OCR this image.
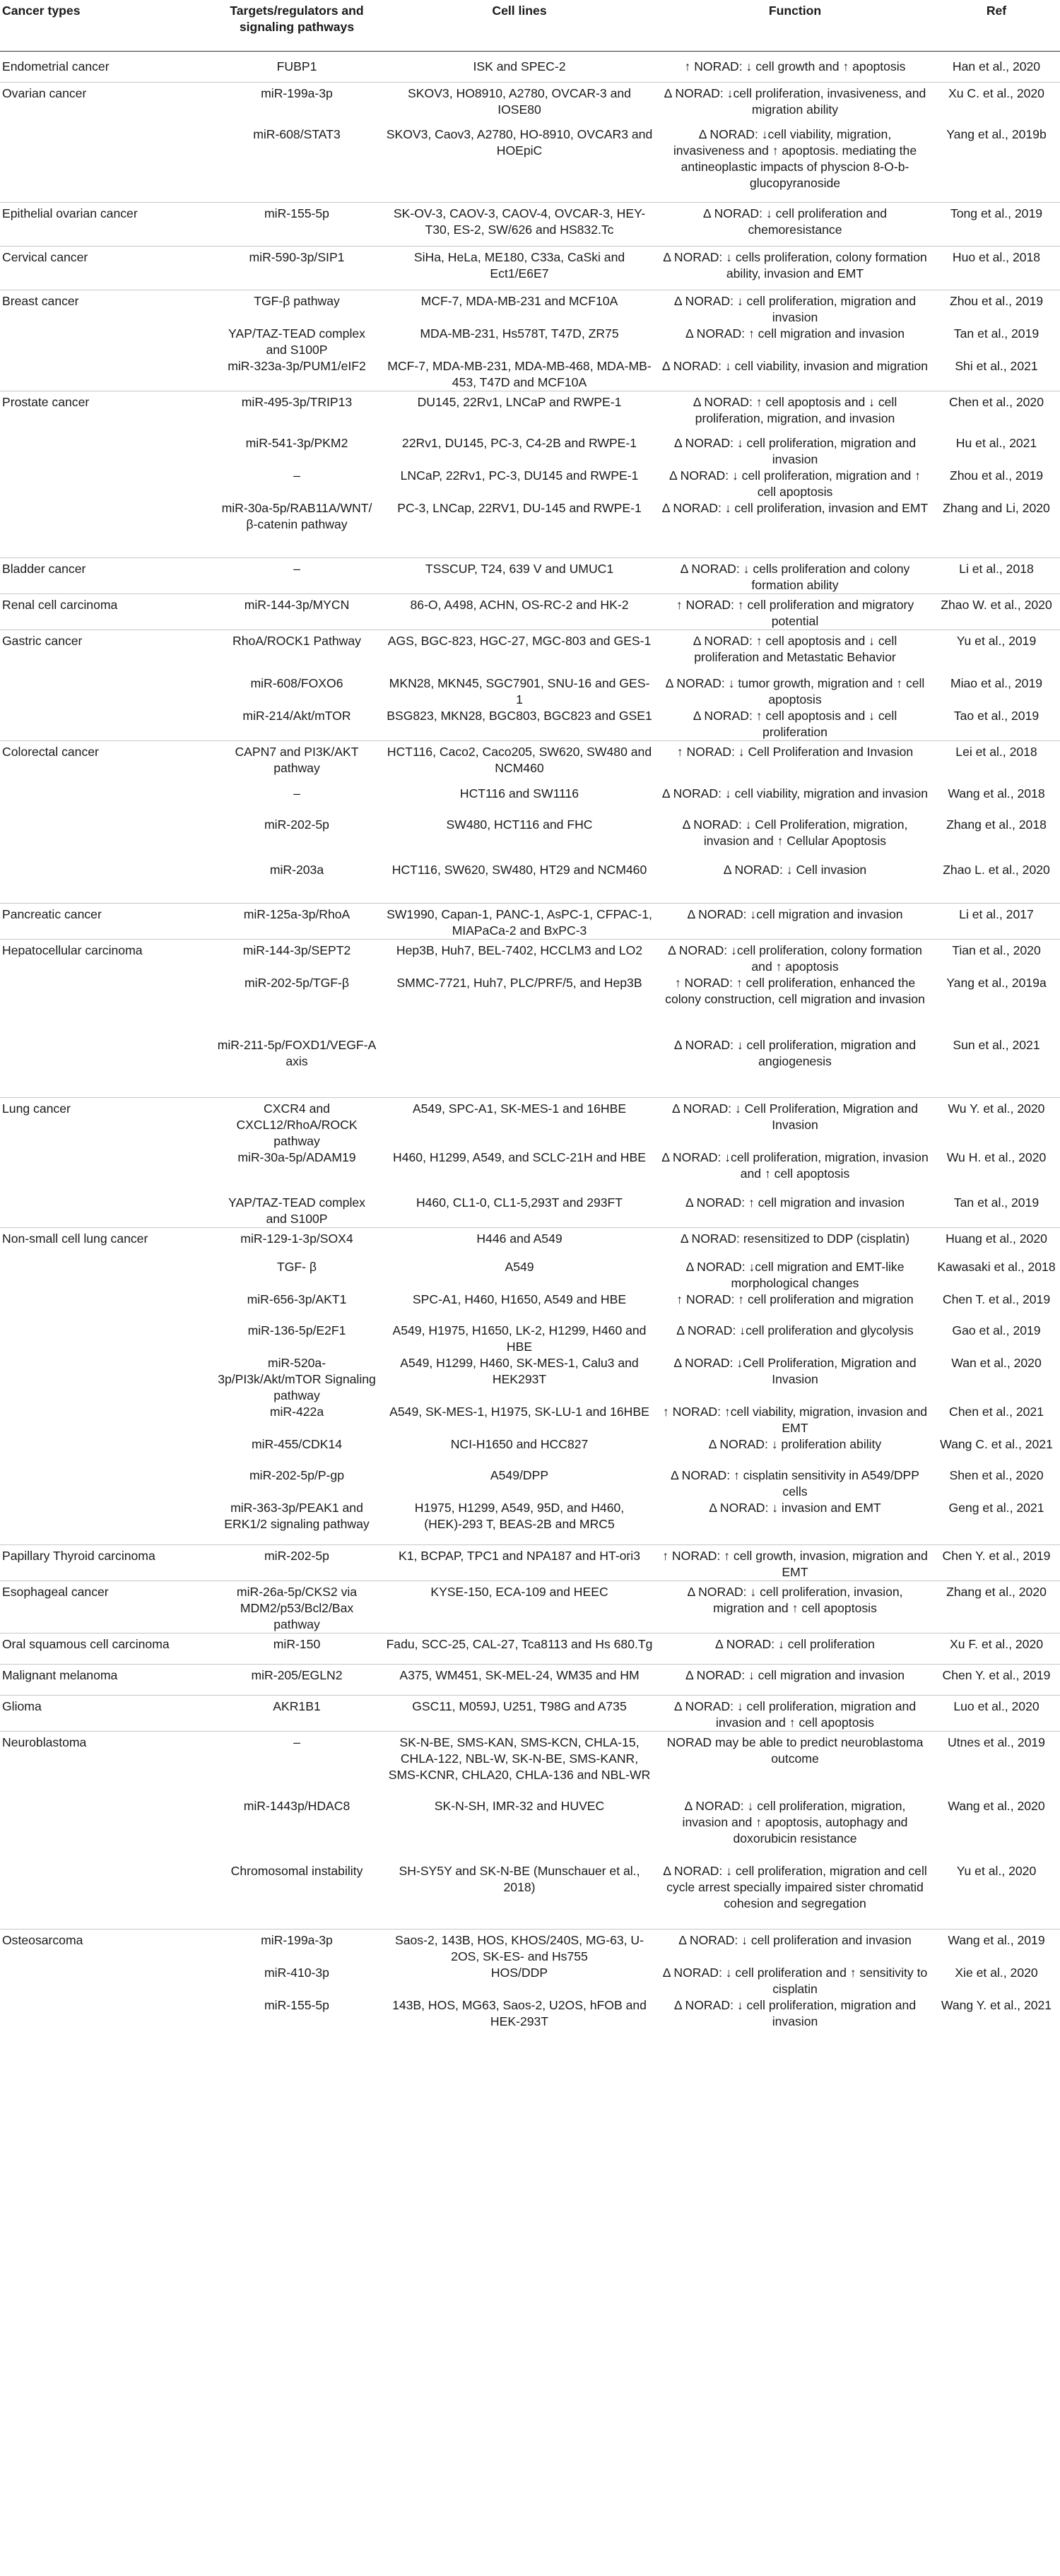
Cancer types	Targets/regulators and signaling pathways	Cell lines	Function	Ref
Endometrial cancer	FUBP1	ISK and SPEC-2	↑ NORAD: ↓ cell growth and ↑ apoptosis	Han et al., 2020
Ovarian cancer	miR-199a-3p	SKOV3, HO8910, A2780, OVCAR-3 and IOSE80	Δ NORAD: ↓cell proliferation, invasiveness, and migration ability	Xu C. et al., 2020
	miR-608/STAT3	SKOV3, Caov3, A2780, HO-8910, OVCAR3 and HOEpiC	Δ NORAD: ↓cell viability, migration, invasiveness and ↑ apoptosis. mediating the antineoplastic impacts of physcion 8-O-b-glucopyranoside	Yang et al., 2019b
Epithelial ovarian cancer	miR-155-5p	SK-OV-3, CAOV-3, CAOV-4, OVCAR-3, HEY-T30, ES-2, SW/626 and HS832.Tc	Δ NORAD: ↓ cell proliferation and chemoresistance	Tong et al., 2019
Cervical cancer	miR-590-3p/SIP1	SiHa, HeLa, ME180, C33a, CaSki and Ect1/E6E7	Δ NORAD: ↓ cells proliferation, colony formation ability, invasion and EMT	Huo et al., 2018
Breast cancer	TGF-β pathway	MCF-7, MDA-MB-231 and MCF10A	Δ NORAD: ↓ cell proliferation, migration and invasion	Zhou et al., 2019
	YAP/TAZ-TEAD complex and S100P	MDA-MB-231, Hs578T, T47D, ZR75	Δ NORAD: ↑ cell migration and invasion	Tan et al., 2019
	miR-323a-3p/PUM1/eIF2	MCF-7, MDA-MB-231, MDA-MB-468, MDA-MB-453, T47D and MCF10A	Δ NORAD: ↓ cell viability, invasion and migration	Shi et al., 2021
Prostate cancer	miR-495-3p/TRIP13	DU145, 22Rv1, LNCaP and RWPE-1	Δ NORAD: ↑ cell apoptosis and ↓ cell proliferation, migration, and invasion	Chen et al., 2020
	miR-541-3p/PKM2	22Rv1, DU145, PC-3, C4-2B and RWPE-1	Δ NORAD: ↓ cell proliferation, migration and invasion	Hu et al., 2021
	–	LNCaP, 22Rv1, PC-3, DU145 and RWPE-1	Δ NORAD: ↓ cell proliferation, migration and ↑ cell apoptosis	Zhou et al., 2019
	miR-30a-5p/RAB11A/WNT/β-catenin pathway	PC-3, LNCap, 22RV1, DU-145 and RWPE-1	Δ NORAD: ↓ cell proliferation, invasion and EMT	Zhang and Li, 2020
Bladder cancer	–	TSSCUP, T24, 639 V and UMUC1	Δ NORAD: ↓ cells proliferation and colony formation ability	Li et al., 2018
Renal cell carcinoma	miR-144-3p/MYCN	86-O, A498, ACHN, OS-RC-2 and HK-2	↑ NORAD: ↑ cell proliferation and migratory potential	Zhao W. et al., 2020
Gastric cancer	RhoA/ROCK1 Pathway	AGS, BGC-823, HGC-27, MGC-803 and GES-1	Δ NORAD: ↑ cell apoptosis and ↓ cell proliferation and Metastatic Behavior	Yu et al., 2019
	miR-608/FOXO6	MKN28, MKN45, SGC7901, SNU-16 and GES-1	Δ NORAD: ↓ tumor growth, migration and ↑ cell apoptosis	Miao et al., 2019
	miR-214/Akt/mTOR	BSG823, MKN28, BGC803, BGC823 and GSE1	Δ NORAD: ↑ cell apoptosis and ↓ cell proliferation	Tao et al., 2019
Colorectal cancer	CAPN7 and PI3K/AKT pathway	HCT116, Caco2, Caco205, SW620, SW480 and NCM460	↑ NORAD: ↓ Cell Proliferation and Invasion	Lei et al., 2018
	–	HCT116 and SW1116	Δ NORAD: ↓ cell viability, migration and invasion	Wang et al., 2018
	miR-202-5p	SW480, HCT116 and FHC	Δ NORAD: ↓ Cell Proliferation, migration, invasion and ↑ Cellular Apoptosis	Zhang et al., 2018
	miR-203a	HCT116, SW620, SW480, HT29 and NCM460	Δ NORAD: ↓ Cell invasion	Zhao L. et al., 2020
Pancreatic cancer	miR-125a-3p/RhoA	SW1990, Capan-1, PANC-1, AsPC-1, CFPAC-1, MIAPaCa-2 and BxPC-3	Δ NORAD: ↓cell migration and invasion	Li et al., 2017
Hepatocellular carcinoma	miR-144-3p/SEPT2	Hep3B, Huh7, BEL-7402, HCCLM3 and LO2	Δ NORAD: ↓cell proliferation, colony formation and ↑ apoptosis	Tian et al., 2020
	miR-202-5p/TGF-β	SMMC-7721, Huh7, PLC/PRF/5, and Hep3B	↑ NORAD: ↑ cell proliferation, enhanced the colony construction, cell migration and invasion	Yang et al., 2019a
	miR-211-5p/FOXD1/VEGF-A axis		Δ NORAD: ↓ cell proliferation, migration and angiogenesis	Sun et al., 2021
Lung cancer	CXCR4 and CXCL12/RhoA/ROCK pathway	A549, SPC-A1, SK-MES-1 and 16HBE	Δ NORAD: ↓ Cell Proliferation, Migration and Invasion	Wu Y. et al., 2020
	miR-30a-5p/ADAM19	H460, H1299, A549, and SCLC-21H and HBE	Δ NORAD: ↓cell proliferation, migration, invasion and ↑ cell apoptosis	Wu H. et al., 2020
	YAP/TAZ-TEAD complex and S100P	H460, CL1-0, CL1-5,293T and 293FT	Δ NORAD: ↑ cell migration and invasion	Tan et al., 2019
Non-small cell lung cancer	miR-129-1-3p/SOX4	H446 and A549	Δ NORAD: resensitized to DDP (cisplatin)	Huang et al., 2020
	TGF- β	A549	Δ NORAD: ↓cell migration and EMT-like morphological changes	Kawasaki et al., 2018
	miR-656-3p/AKT1	SPC-A1, H460, H1650, A549 and HBE	↑ NORAD: ↑ cell proliferation and migration	Chen T. et al., 2019
	miR-136-5p/E2F1	A549, H1975, H1650, LK-2, H1299, H460 and HBE	Δ NORAD: ↓cell proliferation and glycolysis	Gao et al., 2019
	miR-520a-3p/PI3k/Akt/mTOR Signaling pathway	A549, H1299, H460, SK-MES-1, Calu3 and HEK293T	Δ NORAD: ↓Cell Proliferation, Migration and Invasion	Wan et al., 2020
	miR-422a	A549, SK-MES-1, H1975, SK-LU-1 and 16HBE	↑ NORAD: ↑cell viability, migration, invasion and EMT	Chen et al., 2021
	miR-455/CDK14	NCI-H1650 and HCC827	Δ NORAD: ↓ proliferation ability	Wang C. et al., 2021
	miR-202-5p/P-gp	A549/DPP	Δ NORAD: ↑ cisplatin sensitivity in A549/DPP cells	Shen et al., 2020
	miR-363-3p/PEAK1 and ERK1/2 signaling pathway	H1975, H1299, A549, 95D, and H460, (HEK)-293 T, BEAS-2B and MRC5	Δ NORAD: ↓ invasion and EMT	Geng et al., 2021
Papillary Thyroid carcinoma	miR-202-5p	K1, BCPAP, TPC1 and NPA187 and HT-ori3	↑ NORAD: ↑ cell growth, invasion, migration and EMT	Chen Y. et al., 2019
Esophageal cancer	miR-26a-5p/CKS2 via MDM2/p53/Bcl2/Bax pathway	KYSE-150, ECA-109 and HEEC	Δ NORAD: ↓ cell proliferation, invasion, migration and ↑ cell apoptosis	Zhang et al., 2020
Oral squamous cell carcinoma	miR-150	Fadu, SCC-25, CAL-27, Tca8113 and Hs 680.Tg	Δ NORAD: ↓ cell proliferation	Xu F. et al., 2020
Malignant melanoma	miR-205/EGLN2	A375, WM451, SK-MEL-24, WM35 and HM	Δ NORAD: ↓ cell migration and invasion	Chen Y. et al., 2019
Glioma	AKR1B1	GSC11, M059J, U251, T98G and A735	Δ NORAD: ↓ cell proliferation, migration and invasion and ↑ cell apoptosis	Luo et al., 2020
Neuroblastoma	–	SK-N-BE, SMS-KAN, SMS-KCN, CHLA-15, CHLA-122, NBL-W, SK-N-BE, SMS-KANR, SMS-KCNR, CHLA20, CHLA-136 and NBL-WR	NORAD may be able to predict neuroblastoma outcome	Utnes et al., 2019
	miR-1443p/HDAC8	SK-N-SH, IMR-32 and HUVEC	Δ NORAD: ↓ cell proliferation, migration, invasion and ↑ apoptosis, autophagy and doxorubicin resistance	Wang et al., 2020
	Chromosomal instability	SH-SY5Y and SK-N-BE (Munschauer et al., 2018)	Δ NORAD: ↓ cell proliferation, migration and cell cycle arrest specially impaired sister chromatid cohesion and segregation	Yu et al., 2020
Osteosarcoma	miR-199a-3p	Saos-2, 143B, HOS, KHOS/240S, MG-63, U-2OS, SK-ES- and Hs755	Δ NORAD: ↓ cell proliferation and invasion	Wang et al., 2019
	miR-410-3p	HOS/DDP	Δ NORAD: ↓ cell proliferation and ↑ sensitivity to cisplatin	Xie et al., 2020
	miR-155-5p	143B, HOS, MG63, Saos-2, U2OS, hFOB and HEK-293T	Δ NORAD: ↓ cell proliferation, migration and invasion	Wang Y. et al., 2021
